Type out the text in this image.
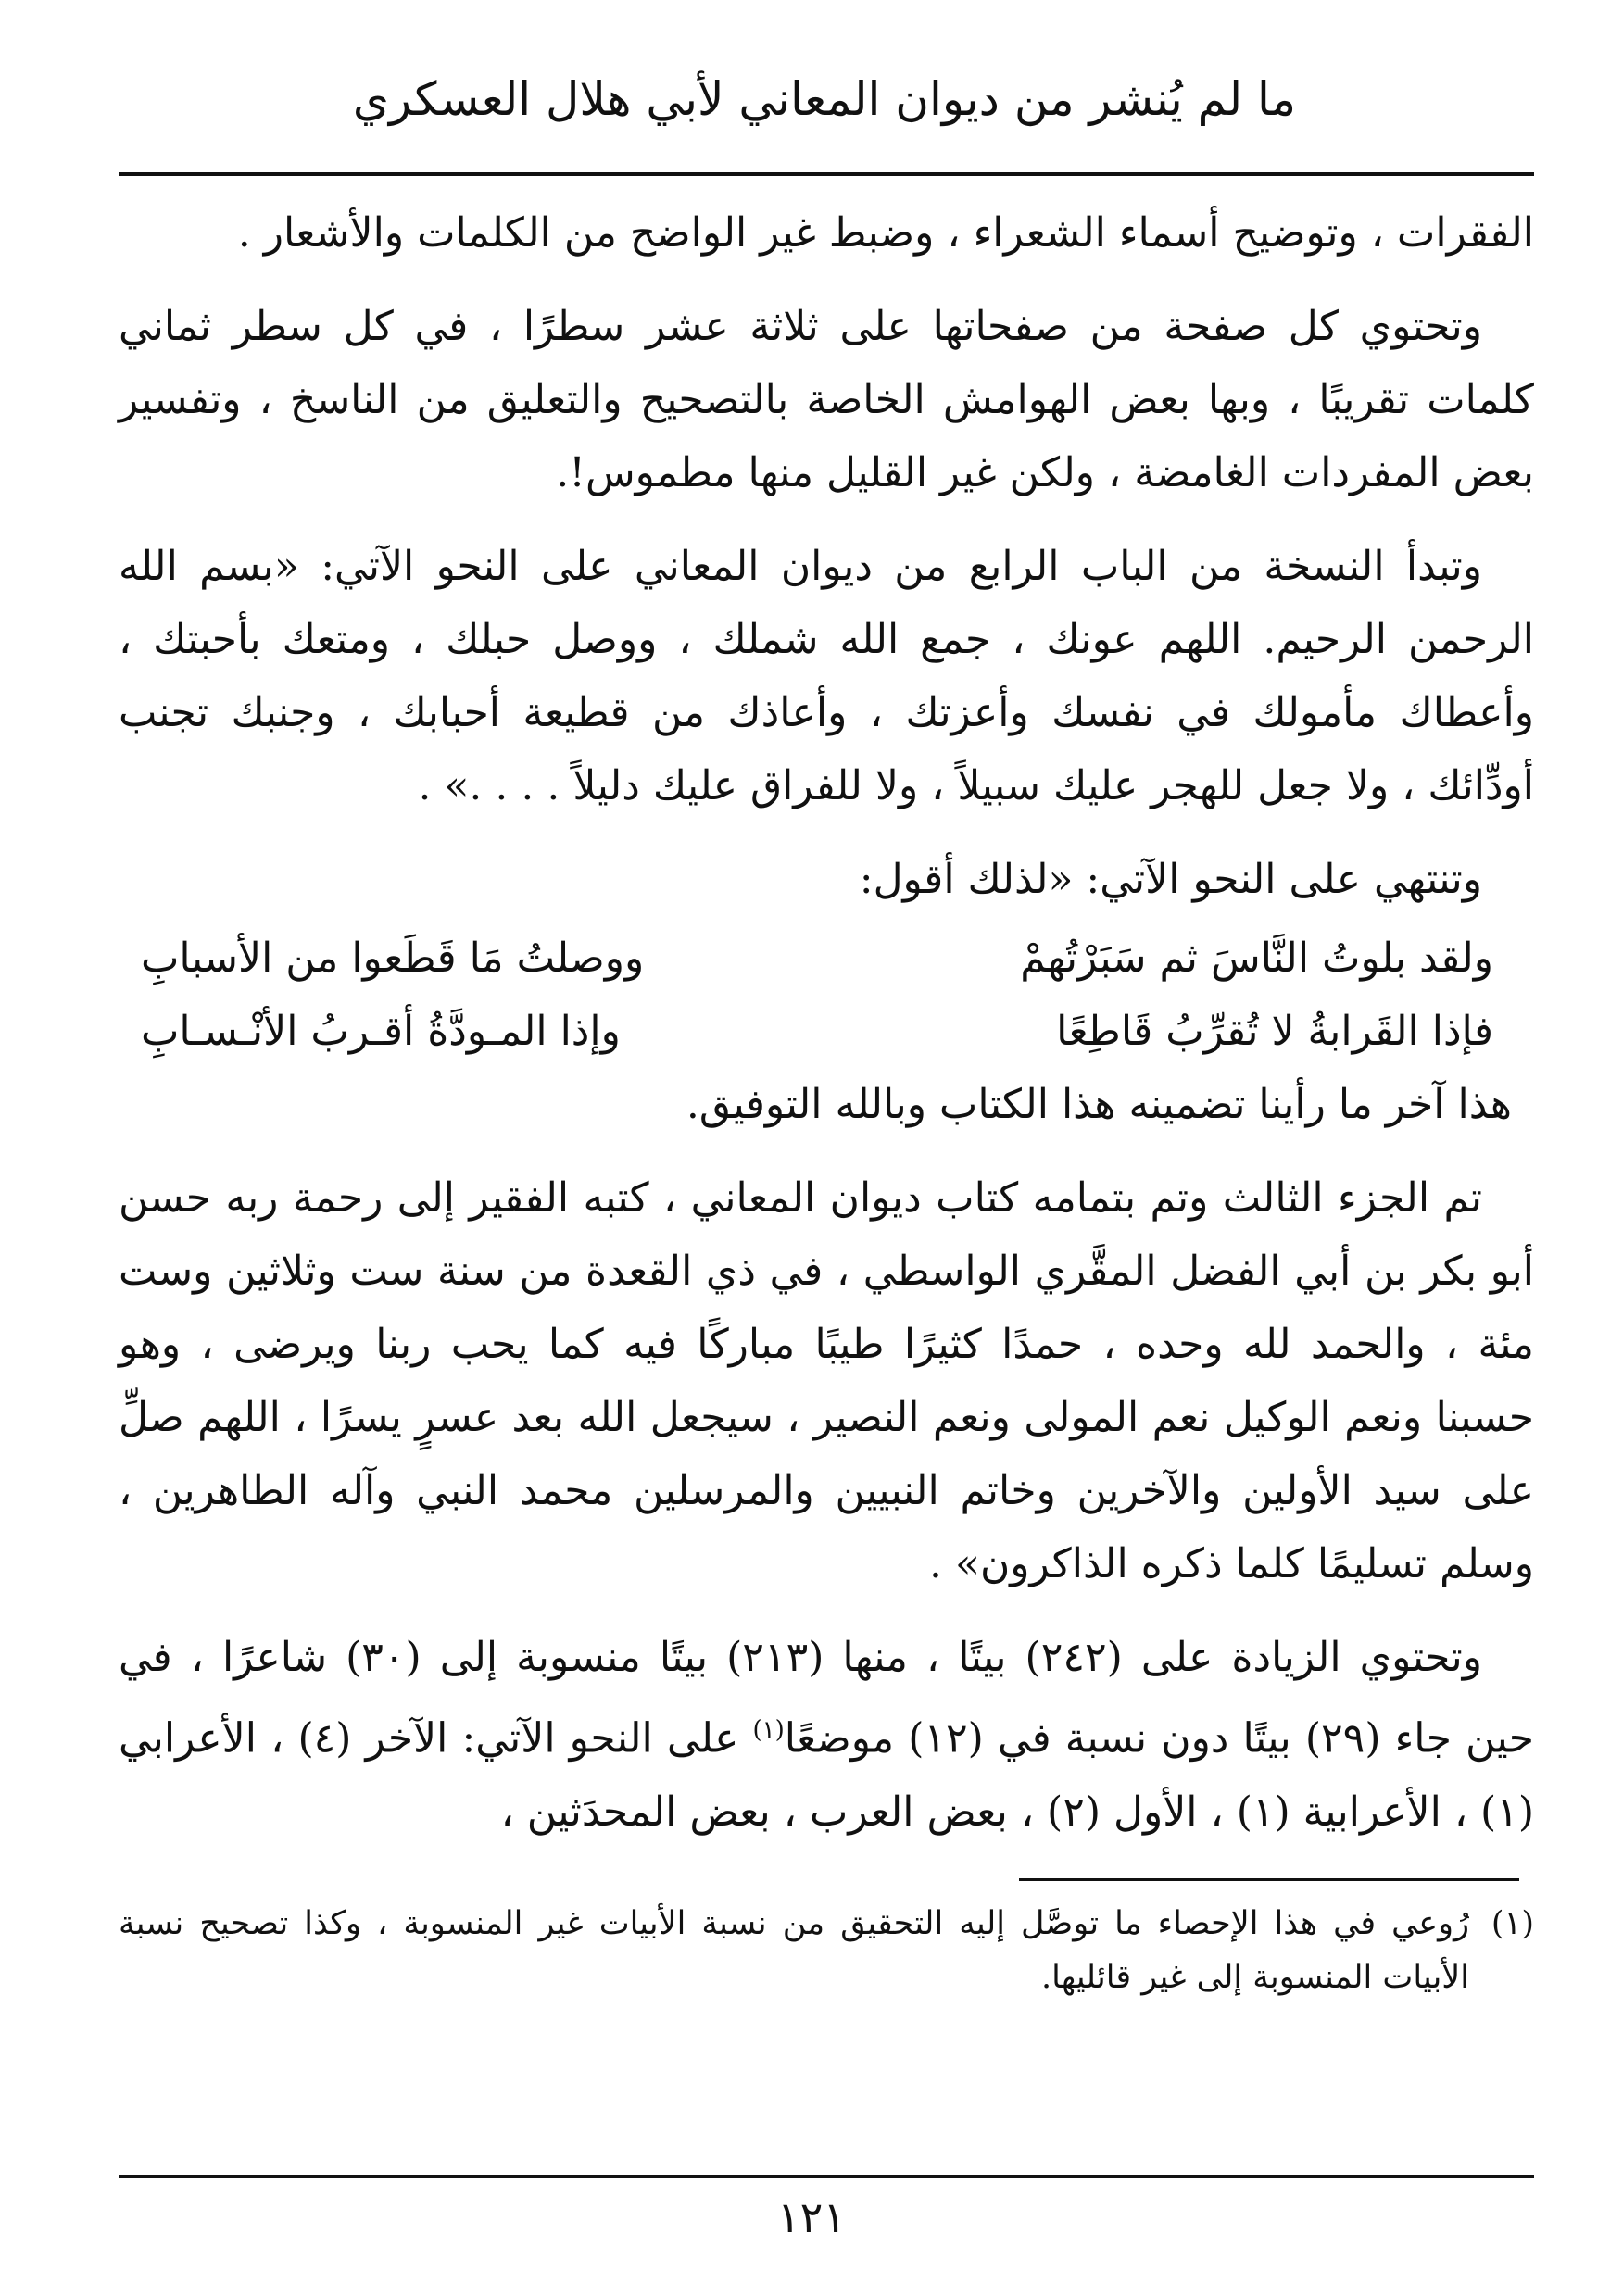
ما لم يُنشر من ديوان المعاني لأبي هلال العسكري

الفقرات ، وتوضيح أسماء الشعراء ، وضبط غير الواضح من الكلمات والأشعار .

وتحتوي كل صفحة من صفحاتها على ثلاثة عشر سطرًا ، في كل سطر ثماني كلمات تقريبًا ، وبها بعض الهوامش الخاصة بالتصحيح والتعليق من الناسخ ، وتفسير بعض المفردات الغامضة ، ولكن غير القليل منها مطموس!.

وتبدأ النسخة من الباب الرابع من ديوان المعاني على النحو الآتي: «بسم الله الرحمن الرحيم. اللهم عونك ، جمع الله شملك ، ووصل حبلك ، ومتعك بأحبتك ، وأعطاك مأمولك في نفسك وأعزتك ، وأعاذك من قطيعة أحبابك ، وجنبك تجنب أودِّائك ، ولا جعل للهجر عليك سبيلاً ، ولا للفراق عليك دليلاً . . . .» .

وتنتهي على النحو الآتي: «لذلك أقول:

ولقد بلوتُ النَّاسَ ثم سَبَرْتُهمْ
ووصلتُ مَا قَطَعوا من الأسبابِ
فإذا القَرابةُ لا تُقرِّبُ قَاطِعًا
وإذا المـودَّةُ أقـربُ الأنْـسـابِ

هذا آخر ما رأينا تضمينه هذا الكتاب وبالله التوفيق.

تم الجزء الثالث وتم بتمامه كتاب ديوان المعاني ، كتبه الفقير إلى رحمة ربه حسن أبو بكر بن أبي الفضل المقَّري الواسطي ، في ذي القعدة من سنة ست وثلاثين وست مئة ، والحمد لله وحده ، حمدًا كثيرًا طيبًا مباركًا فيه كما يحب ربنا ويرضى ، وهو حسبنا ونعم الوكيل نعم المولى ونعم النصير ، سيجعل الله بعد عسرٍ يسرًا ، اللهم صلِّ على سيد الأولين والآخرين وخاتم النبيين والمرسلين محمد النبي وآله الطاهرين ، وسلم تسليمًا كلما ذكره الذاكرون» .

وتحتوي الزيادة على (٢٤٢) بيتًا ، منها (٢١٣) بيتًا منسوبة إلى (٣٠) شاعرًا ، في حين جاء (٢٩) بيتًا دون نسبة في (١٢) موضعًا$^{(١)}$ على النحو الآتي: الآخر (٤) ، الأعرابي (١) ، الأعرابية (١) ، الأول (٢) ، بعض العرب ، بعض المحدَثين ،

(١)
رُوعي في هذا الإحصاء ما توصَّل إليه التحقيق من نسبة الأبيات غير المنسوبة ، وكذا تصحيح نسبة الأبيات المنسوبة إلى غير قائليها.
١٢١
